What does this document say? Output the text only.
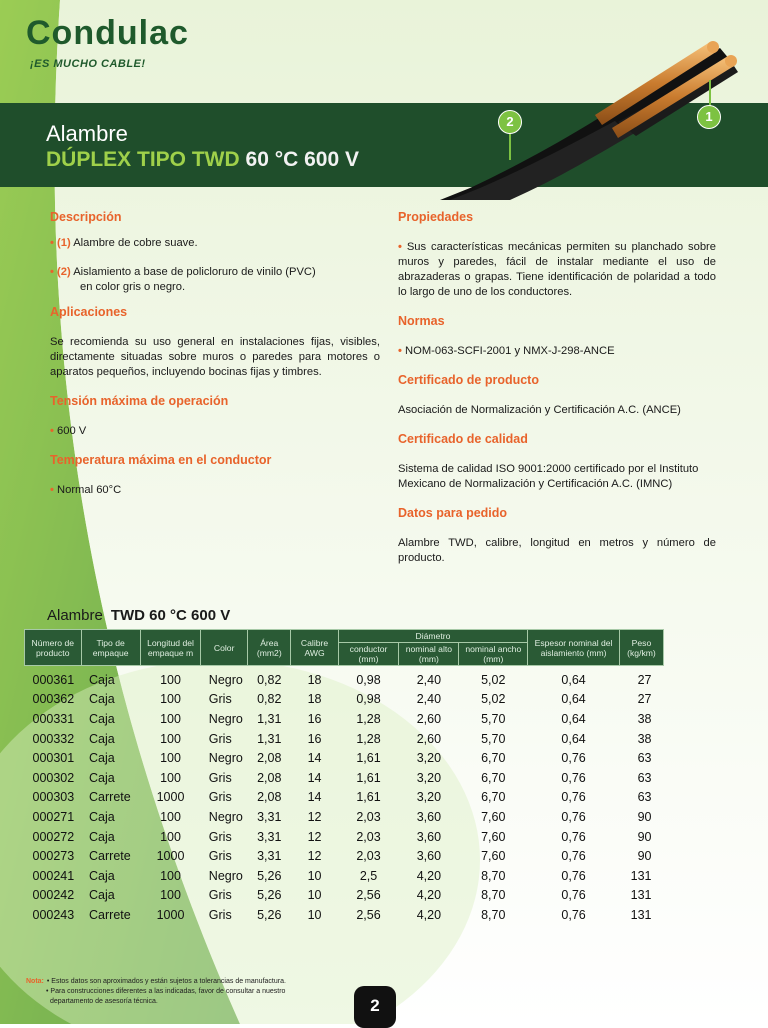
Condulac
¡ES MUCHO CABLE!
Alambre
DÚPLEX TIPO TWD 60 °C 600 V
2	1
Descripción
• (1) Alambre de cobre suave.
• (2) Aislamiento a base de policloruro de vinilo (PVC)
en color gris o negro.
Aplicaciones
Se recomienda su uso general en instalaciones fijas, visibles, directamente situadas sobre muros o paredes para motores o aparatos pequeños, incluyendo bocinas fijas y timbres.
Tensión máxima de operación
• 600 V
Temperatura máxima en el conductor
• Normal 60°C
Propiedades
• Sus características mecánicas permiten su planchado sobre muros y paredes, fácil de instalar mediante el uso de abrazaderas o grapas. Tiene identificación de polaridad a todo lo largo de uno de los conductores.
Normas
• NOM-063-SCFI-2001 y NMX-J-298-ANCE
Certificado de producto
Asociación de Normalización y Certificación A.C. (ANCE)
Certificado de calidad
Sistema de calidad ISO 9001:2000 certificado por el Instituto Mexicano de Normalización y Certificación A.C. (IMNC)
Datos para pedido
Alambre TWD, calibre, longitud en metros y número de producto.
Alambre TWD 60 °C 600 V
Número de producto	Tipo de empaque	Longitud del empaque m	Color	Área (mm2)	Calibre AWG	Diámetro			Espesor nominal del aislamiento (mm)	Peso (kg/km)
						conductor (mm)	nominal alto (mm)	nominal ancho (mm)		
000361	Caja	100	Negro	0,82	18	0,98	2,40	5,02	0,64	27
000362	Caja	100	Gris	0,82	18	0,98	2,40	5,02	0,64	27
000331	Caja	100	Negro	1,31	16	1,28	2,60	5,70	0,64	38
000332	Caja	100	Gris	1,31	16	1,28	2,60	5,70	0,64	38
000301	Caja	100	Negro	2,08	14	1,61	3,20	6,70	0,76	63
000302	Caja	100	Gris	2,08	14	1,61	3,20	6,70	0,76	63
000303	Carrete	1000	Gris	2,08	14	1,61	3,20	6,70	0,76	63
000271	Caja	100	Negro	3,31	12	2,03	3,60	7,60	0,76	90
000272	Caja	100	Gris	3,31	12	2,03	3,60	7,60	0,76	90
000273	Carrete	1000	Gris	3,31	12	2,03	3,60	7,60	0,76	90
000241	Caja	100	Negro	5,26	10	2,5	4,20	8,70	0,76	131
000242	Caja	100	Gris	5,26	10	2,56	4,20	8,70	0,76	131
000243	Carrete	1000	Gris	5,26	10	2,56	4,20	8,70	0,76	131
Nota: • Estos datos son aproximados y están sujetos a tolerancias de manufactura.
• Para construcciones diferentes a las indicadas, favor de consultar a nuestro
departamento de asesoría técnica.	2
